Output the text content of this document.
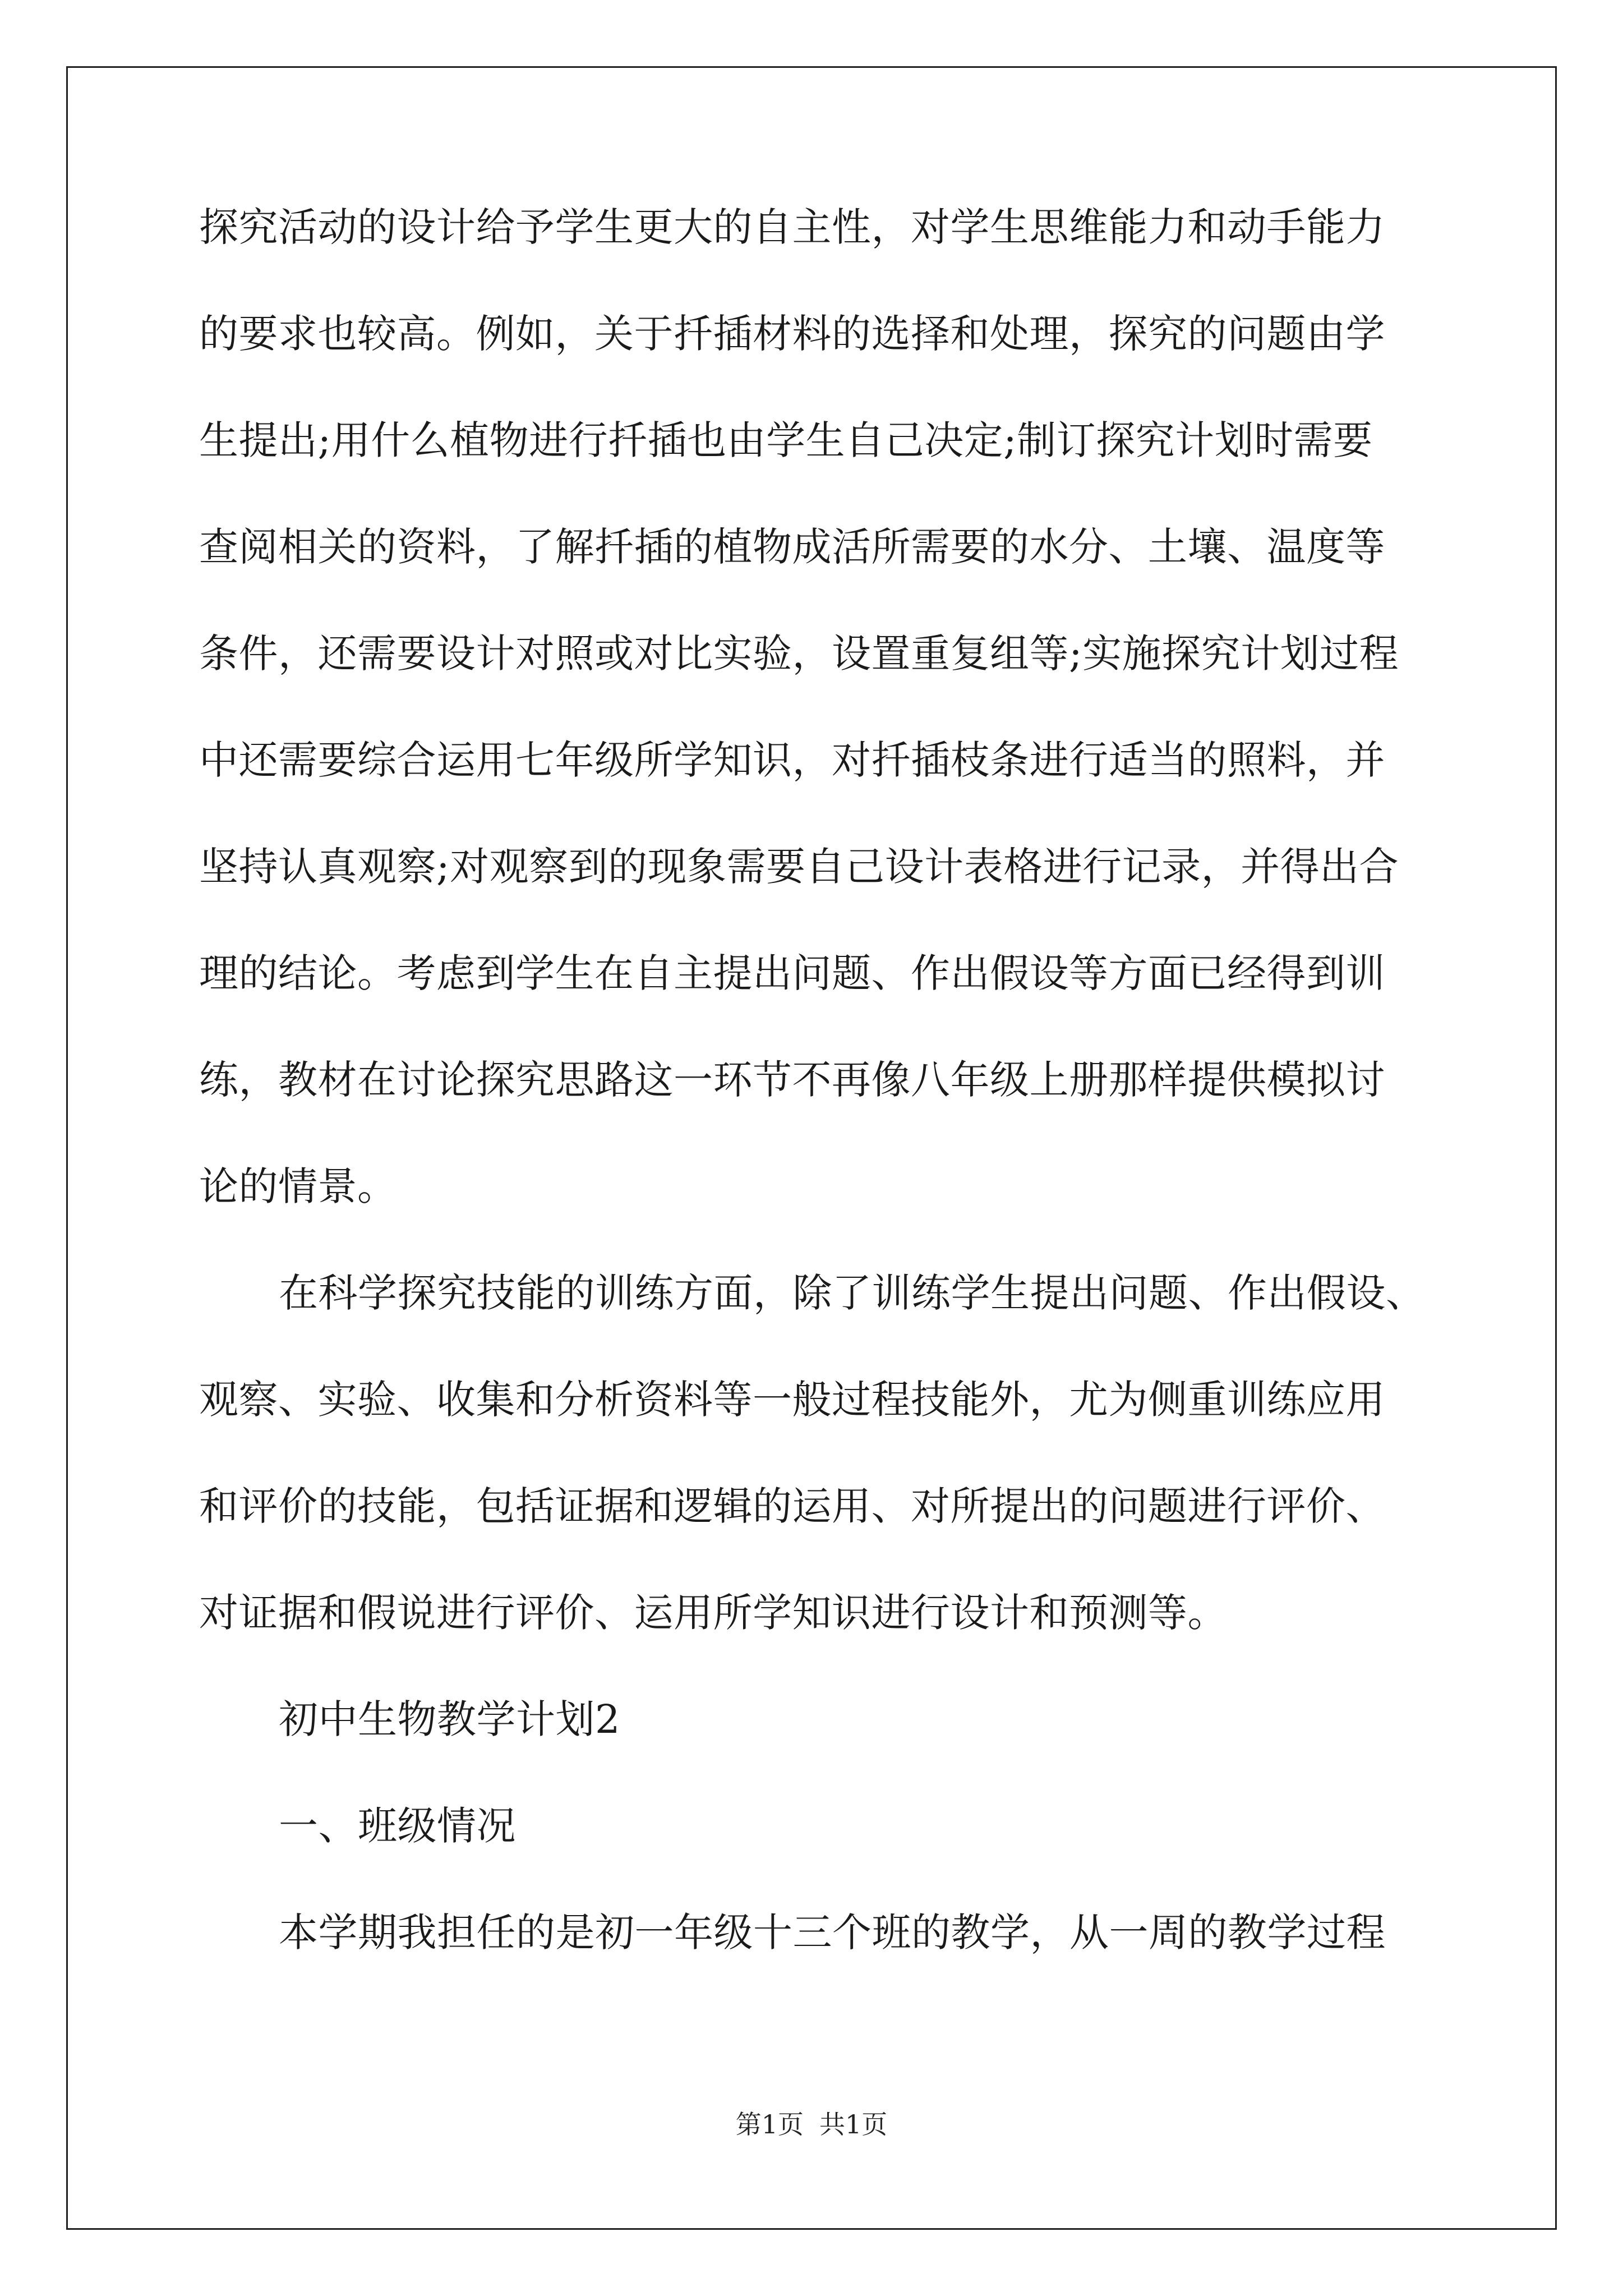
探究活动的设计给予学生更大的自主性，对学生思维能力和动手能力
的要求也较高。例如，关于扦插材料的选择和处理，探究的问题由学
生提出;用什么植物进行扦插也由学生自己决定;制订探究计划时需要
查阅相关的资料，了解扦插的植物成活所需要的水分、土壤、温度等
条件，还需要设计对照或对比实验，设置重复组等;实施探究计划过程
中还需要综合运用七年级所学知识，对扦插枝条进行适当的照料，并
坚持认真观察;对观察到的现象需要自己设计表格进行记录，并得出合
理的结论。考虑到学生在自主提出问题、作出假设等方面已经得到训
练，教材在讨论探究思路这一环节不再像八年级上册那样提供模拟讨
论的情景。
在科学探究技能的训练方面，除了训练学生提出问题、作出假设、
观察、实验、收集和分析资料等一般过程技能外，尤为侧重训练应用
和评价的技能，包括证据和逻辑的运用、对所提出的问题进行评价、
对证据和假说进行评价、运用所学知识进行设计和预测等。
初中生物教学计划2
一、班级情况
本学期我担任的是初一年级十三个班的教学，从一周的教学过程
第1页 共1页
